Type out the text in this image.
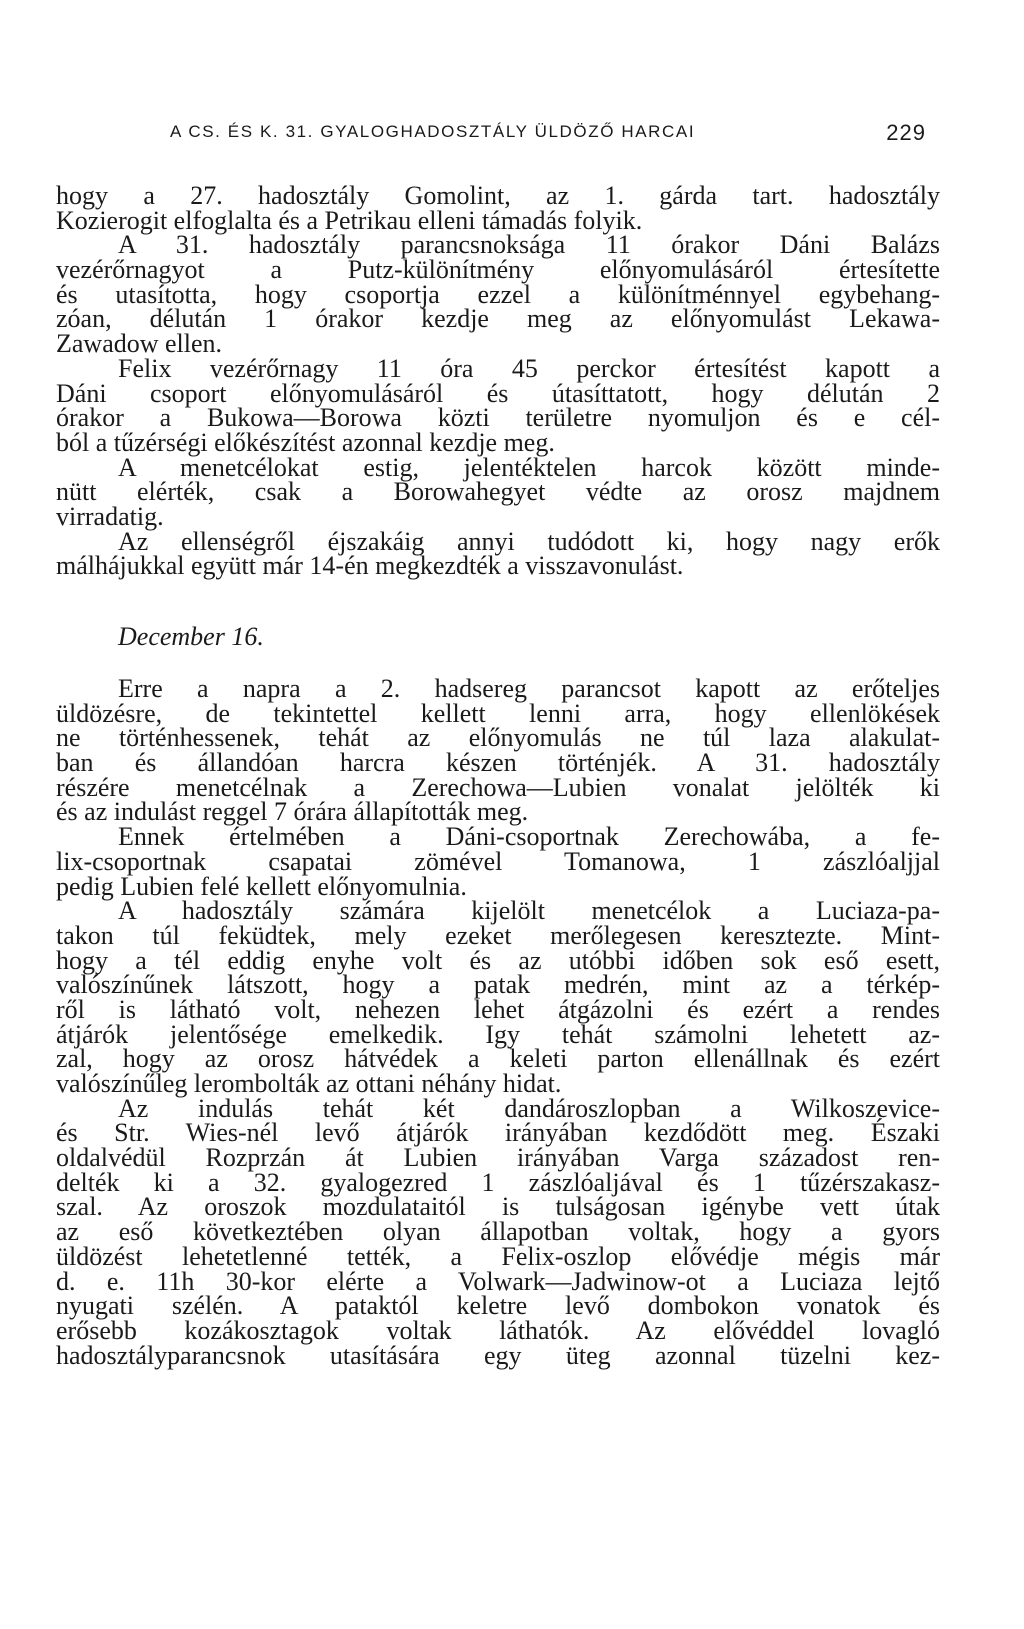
A CS. ÉS K. 31. GYALOGHADOSZTÁLY ÜLDÖZŐ HARCAI	229
hogy a 27. hadosztály Gomolint, az 1. gárda tart. hadosztály
Kozierogit elfoglalta és a Petrikau elleni támadás folyik.
A 31. hadosztály parancsnoksága 11 órakor Dáni Balázs
vezérőrnagyot a Putz-különítmény előnyomulásáról értesítette
és utasította, hogy csoportja ezzel a különítménnyel egybehang-
zóan, délután 1 órakor kezdje meg az előnyomulást Lekawa-
Zawadow ellen.
Felix vezérőrnagy 11 óra 45 perckor értesítést kapott a
Dáni csoport előnyomulásáról és útasíttatott, hogy délután 2
órakor a Bukowa—Borowa közti területre nyomuljon és e cél-
ból a tűzérségi előkészítést azonnal kezdje meg.
A menetcélokat estig, jelentéktelen harcok között minde-
nütt elérték, csak a Borowahegyet védte az orosz majdnem
virradatig.
Az ellenségről éjszakáig annyi tudódott ki, hogy nagy erők
málhájukkal együtt már 14-én megkezdték a visszavonulást.
December 16.
Erre a napra a 2. hadsereg parancsot kapott az erőteljes
üldözésre, de tekintettel kellett lenni arra, hogy ellenlökések
ne történhessenek, tehát az előnyomulás ne túl laza alakulat-
ban és állandóan harcra készen történjék. A 31. hadosztály
részére menetcélnak a Zerechowa—Lubien vonalat jelölték ki
és az indulást reggel 7 órára állapították meg.
Ennek értelmében a Dáni-csoportnak Zerechowába, a fe-
lix-csoportnak csapatai zömével Tomanowa, 1 zászlóaljjal
pedig Lubien felé kellett előnyomulnia.
A hadosztály számára kijelölt menetcélok a Luciaza-pa-
takon túl feküdtek, mely ezeket merőlegesen keresztezte. Mint-
hogy a tél eddig enyhe volt és az utóbbi időben sok eső esett,
valószínűnek látszott, hogy a patak medrén, mint az a térkép-
ről is látható volt, nehezen lehet átgázolni és ezért a rendes
átjárók jelentősége emelkedik. Igy tehát számolni lehetett az-
zal, hogy az orosz hátvédek a keleti parton ellenállnak és ezért
valószínűleg lerombolták az ottani néhány hidat.
Az indulás tehát két dandároszlopban a Wilkoszevice-
és Str. Wies-nél levő átjárók irányában kezdődött meg. Északi
oldalvédül Rozprzán át Lubien irányában Varga századost ren-
delték ki a 32. gyalogezred 1 zászlóaljával és 1 tűzérszakasz-
szal. Az oroszok mozdulataitól is tulságosan igénybe vett útak
az eső következtében olyan állapotban voltak, hogy a gyors
üldözést lehetetlenné tették, a Felix-oszlop elővédje mégis már
d. e. 11h 30-kor elérte a Volwark—Jadwinow-ot a Luciaza lejtő
nyugati szélén. A pataktól keletre levő dombokon vonatok és
erősebb kozákosztagok voltak láthatók. Az elővéddel lovagló
hadosztályparancsnok utasítására egy üteg azonnal tüzelni kez-
